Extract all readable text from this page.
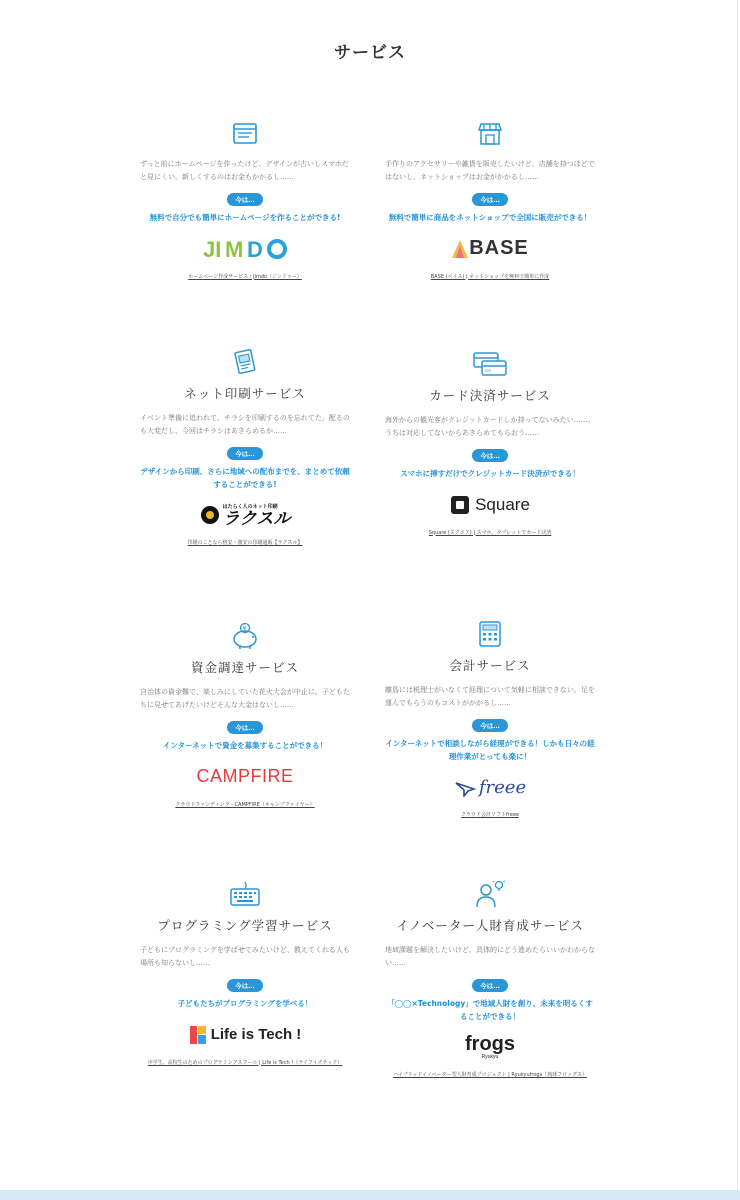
サービス

ずっと前にホームページを作ったけど、デザインが古いしスマホだと見にくい。新しくするのはお金もかかるし……

今は…

無料で自分でも簡単にホームページを作ることができる!

JI M D
ホームページ作成サービス・Jimdo（ジンドゥー）

手作りのアクセサリーや雑貨を販売したいけど、店舗を持つほどではないし、ネットショップはお金がかかるし……

今は…

無料で簡単に商品をネットショップで全国に販売ができる！

BASE
BASE (ベイス) | ネットショップを無料で簡単に作成
ネット印刷サービス

イベント準備に追われて、チラシを印刷するのを忘れてた。配るのも大変だし、今回はチラシはあきらめるか……

今は…

デザインから印刷、さらに地域への配布までを、まとめて依頼することができる!

はたらく人のネット印刷
ラクスル
印刷のことなら格安・激安の印刷通販【ラクスル】
カード決済サービス

海外からの観光客がクレジットカードしか持ってないみたい……。うちは対応してないからあきらめてもらおう……

今は…

スマホに挿すだけでクレジットカード決済ができる！

Square
Square (スクエア) | スマホ、タブレットでカード決済
¥
資金調達サービス

自治体の資金難で、楽しみにしていた花火大会が中止に。子どもたちに見せてあげたいけどそんな大金はないし……

今は…

インターネットで資金を募集することができる！

CAMPFIRE
クラウドファンディング - CAMPFIRE（キャンプファイヤー）
会計サービス

離島には税理士がいなくて経理について気軽に相談できない。足を運んでもらうのもコストがかかるし……

今は…

インターネットで相談しながら経理ができる！しかも日々の経理作業がとっても楽に！

freee
クラウド会計ソフトfreee
プログラミング学習サービス

子どもにプログラミングを学ばせてみたいけど、教えてくれる人も場所も知らないし……

今は…

子どもたちがプログラミングを学べる！

Life is Tech !
中学生、高校生のためのプログラミングスクール | Life is Tech !（ライフイズテック）
イノベーター人財育成サービス

地域課題を解決したいけど、具体的にどう進めたらいいかわからない……

今は…

「◯◯×Technology」で地域人財を創り、未来を明るくすることができる！

frogs
Ryukyu
ハイブリッドイノベーター型人財育成プロジェクト | Ryukyufrogs（琉球フロッグス）
